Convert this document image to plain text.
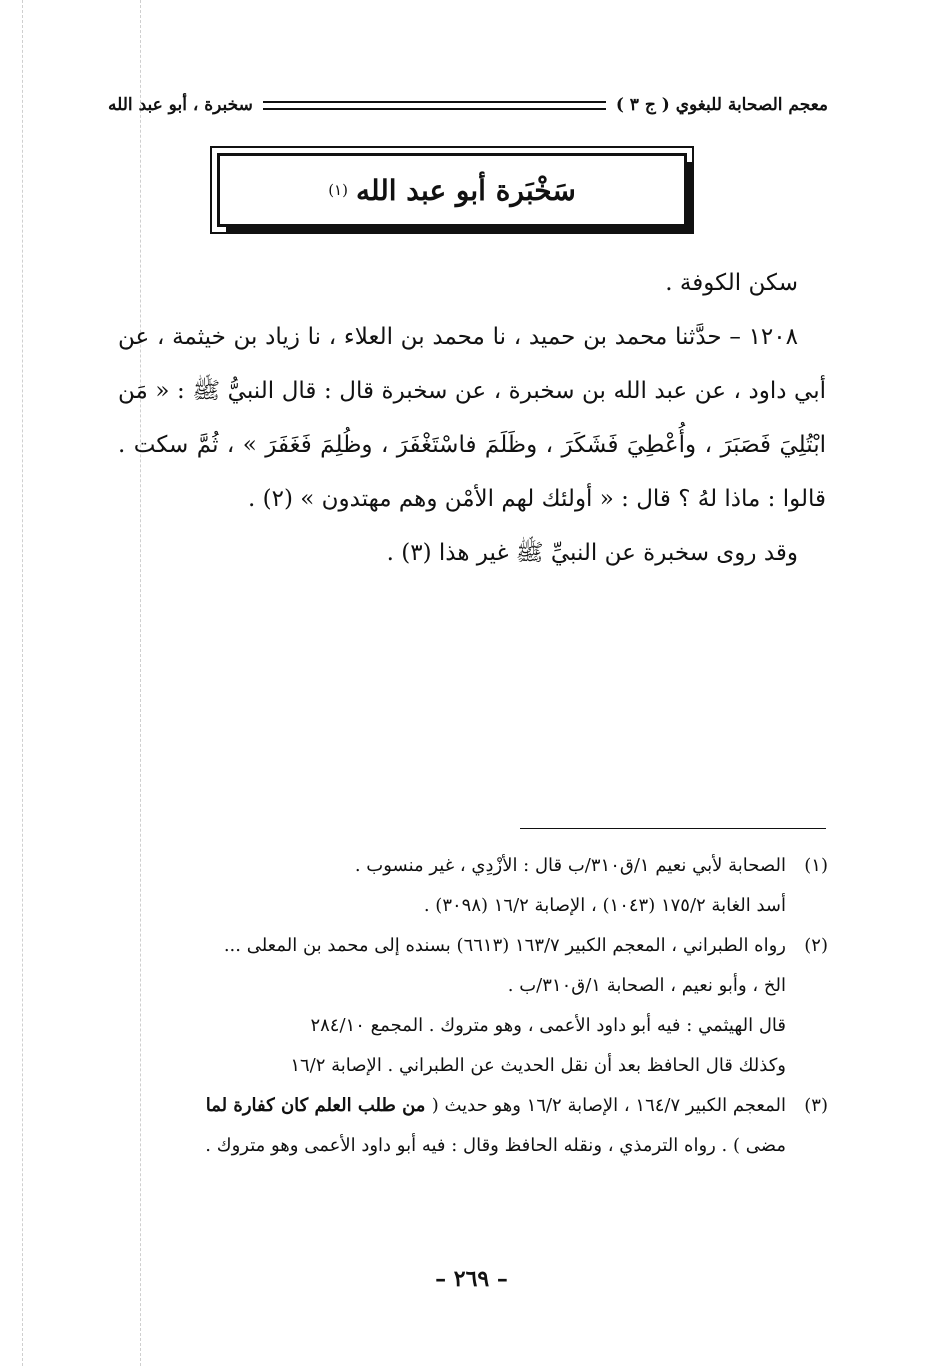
معجم الصحابة للبغوي ( ج ٣ )
سخبرة ، أبو عبد الله
سَخْبَرة أبو عبد الله
(١)

سكن الكوفة .

١٢٠٨ – حدَّثنا محمد بن حميد ، نا محمد بن العلاء ، نا زياد بن خيثمة ، عن أبي داود ، عن عبد الله بن سخبرة ، عن سخبرة قال : قال النبيُّ ﷺ : « مَن ابْتُلِيَ فَصَبَرَ ، وأُعْطِيَ فَشَكَرَ ، وظَلَمَ فاسْتَغْفَرَ ، وظُلِمَ فَغَفَرَ » ، ثُمَّ سكت . قالوا : ماذا لهُ ؟ قال : « أولئك لهم الأمْن وهم مهتدون » (٢) .

وقد روى سخبرة عن النبيِّ ﷺ غير هذا (٣) .

(١)
الصحابة لأبي نعيم ١/ق٣١٠/ب قال : الأزْدِي ، غير منسوب .
أسد الغابة ١٧٥/٢ (١٠٤٣) ، الإصابة ١٦/٢ (٣٠٩٨) .
(٢)
رواه الطبراني ، المعجم الكبير ١٦٣/٧ (٦٦١٣) بسنده إلى محمد بن المعلى ...
الخ ، وأبو نعيم ، الصحابة ١/ق٣١٠/ب .
قال الهيثمي : فيه أبو داود الأعمى ، وهو متروك . المجمع ٢٨٤/١٠
وكذلك قال الحافظ بعد أن نقل الحديث عن الطبراني . الإصابة ١٦/٢
(٣)
المعجم الكبير ١٦٤/٧ ، الإصابة ١٦/٢ وهو حديث ( من طلب العلم كان كفارة لما
مضى ) . رواه الترمذي ، ونقله الحافظ وقال : فيه أبو داود الأعمى وهو متروك .
– ٢٦٩ –
